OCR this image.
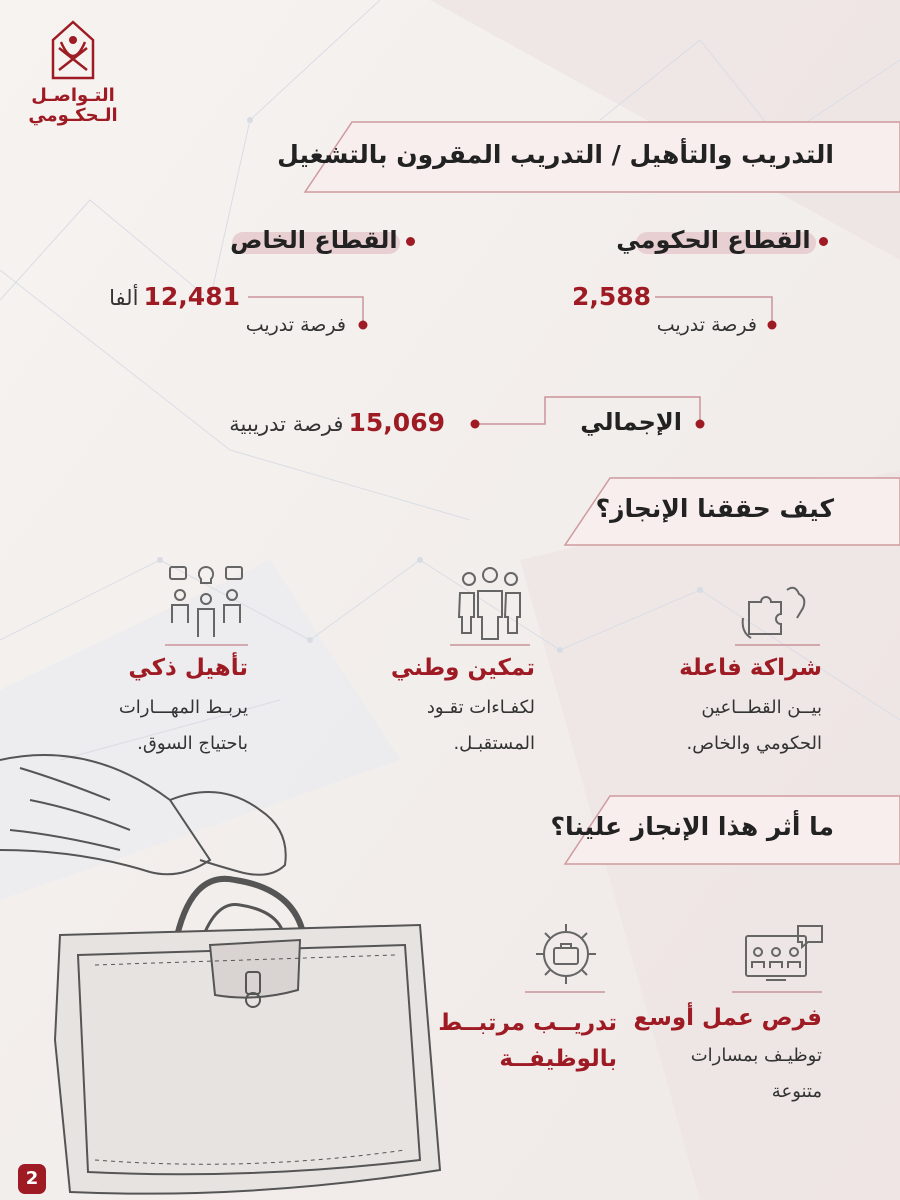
التـواصـل
الـحكـومي
التدريب والتأهيل / التدريب المقرون بالتشغيل
القطاع الحكومي
2,588
فرصة تدريب
القطاع الخاص
12,481 ألفا
فرصة تدريب
الإجمالي
15,069 فرصة تدريبية
كيف حققنا الإنجاز؟
شراكة فاعلة
بيــن القطــاعين
الحكومي والخاص.
تمكين وطني
لكفـاءات تقـود
المستقبـل.
تأهيل ذكي
يربـط المهـــارات
باحتياج السوق.
ما أثر هذا الإنجاز علينا؟
فرص عمل أوسع
توظيـف بمسارات
متنوعة
تدريــب مرتبــط
بالوظيفــة
2
